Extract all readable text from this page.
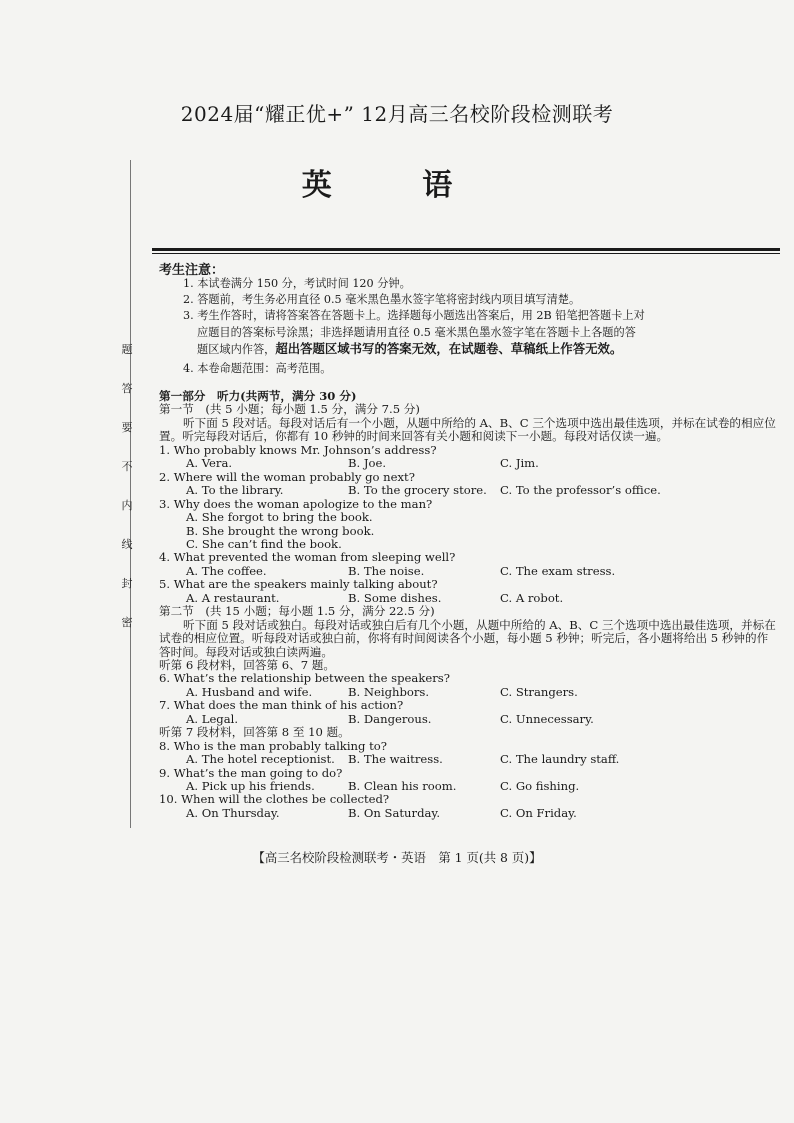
题
答
要
不
内
线
封
密
2024届“耀正优+” 12月高三名校阶段检测联考
英 语
考生注意：

1. 本试卷满分 150 分，考试时间 120 分钟。

2. 答题前，考生务必用直径 0.5 毫米黑色墨水签字笔将密封线内项目填写清楚。

3. 考生作答时，请将答案答在答题卡上。选择题每小题选出答案后，用 2B 铅笔把答题卡上对

应题目的答案标号涂黑；非选择题请用直径 0.5 毫米黑色墨水签字笔在答题卡上各题的答

题区域内作答，超出答题区域书写的答案无效，在试题卷、草稿纸上作答无效。

4. 本卷命题范围：高考范围。

第一部分　听力(共两节，满分 30 分)

第一节　(共 5 小题；每小题 1.5 分，满分 7.5 分)

听下面 5 段对话。每段对话后有一个小题，从题中所给的 A、B、C 三个选项中选出最佳选项，并标在试卷的相应位置。听完每段对话后，你都有 10 秒钟的时间来回答有关小题和阅读下一小题。每段对话仅读一遍。

1. Who probably knows Mr. Johnson’s address?

A. Vera.	B. Joe.	C. Jim.

2. Where will the woman probably go next?

A. To the library.	B. To the grocery store. C. To the professor’s office.

3. Why does the woman apologize to the man?

A. She forgot to bring the book.

B. She brought the wrong book.

C. She can’t find the book.

4. What prevented the woman from sleeping well?

A. The coffee.	B. The noise.	C. The exam stress.

5. What are the speakers mainly talking about?

A. A restaurant.	B. Some dishes.	C. A robot.

第二节　(共 15 小题；每小题 1.5 分，满分 22.5 分)

听下面 5 段对话或独白。每段对话或独白后有几个小题，从题中所给的 A、B、C 三个选项中选出最佳选项，并标在试卷的相应位置。听每段对话或独白前，你将有时间阅读各个小题，每小题 5 秒钟；听完后，各小题将给出 5 秒钟的作答时间。每段对话或独白读两遍。

听第 6 段材料，回答第 6、7 题。

6. What’s the relationship between the speakers?

A. Husband and wife.	B. Neighbors.	C. Strangers.

7. What does the man think of his action?

A. Legal.	B. Dangerous.	C. Unnecessary.

听第 7 段材料，回答第 8 至 10 题。

8. Who is the man probably talking to?

A. The hotel receptionist. B. The waitress.	C. The laundry staff.

9. What’s the man going to do?

A. Pick up his friends.	B. Clean his room.	C. Go fishing.

10. When will the clothes be collected?

A. On Thursday.	B. On Saturday.	C. On Friday.
【高三名校阶段检测联考・英语　第 1 页(共 8 页)】
